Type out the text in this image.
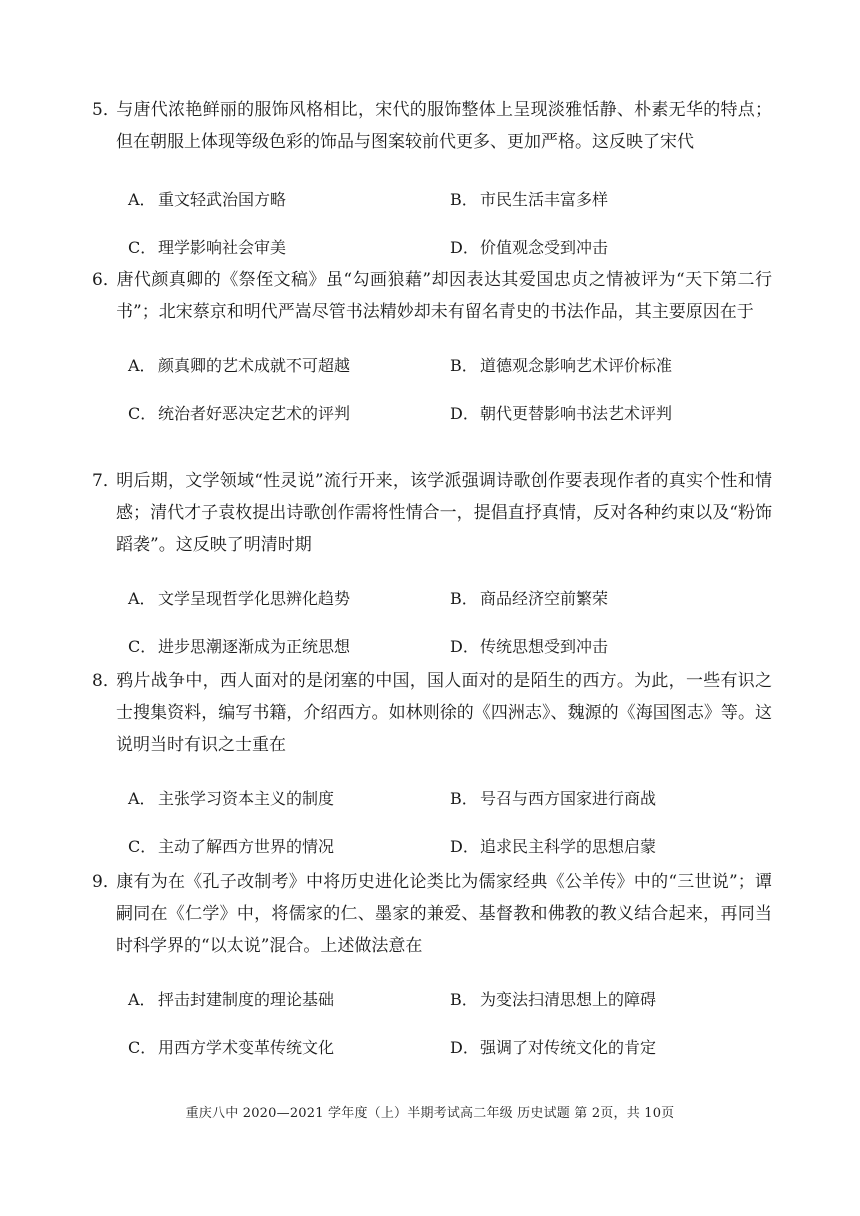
5．与唐代浓艳鲜丽的服饰风格相比，宋代的服饰整体上呈现淡雅恬静、朴素无华的特点；但在朝服上体现等级色彩的饰品与图案较前代更多、更加严格。这反映了宋代

A． 重文轻武治国方略	B． 市民生活丰富多样
C． 理学影响社会审美	D．价值观念受到冲击

6．唐代颜真卿的《祭侄文稿》虽“勾画狼藉”却因表达其爱国忠贞之情被评为“天下第二行书”；北宋蔡京和明代严嵩尽管书法精妙却未有留名青史的书法作品，其主要原因在于

A． 颜真卿的艺术成就不可超越	B． 道德观念影响艺术评价标准
C． 统治者好恶决定艺术的评判	D．朝代更替影响书法艺术评判

7．明后期，文学领域“性灵说”流行开来，该学派强调诗歌创作要表现作者的真实个性和情感；清代才子袁枚提出诗歌创作需将性情合一，提倡直抒真情，反对各种约束以及“粉饰蹈袭”。这反映了明清时期

A． 文学呈现哲学化思辨化趋势	B． 商品经济空前繁荣
C． 进步思潮逐渐成为正统思想	D．传统思想受到冲击

8．鸦片战争中，西人面对的是闭塞的中国，国人面对的是陌生的西方。为此，一些有识之士搜集资料，编写书籍，介绍西方。如林则徐的《四洲志》、魏源的《海国图志》等。这说明当时有识之士重在

A． 主张学习资本主义的制度	B． 号召与西方国家进行商战
C． 主动了解西方世界的情况	D．追求民主科学的思想启蒙

9．康有为在《孔子改制考》中将历史进化论类比为儒家经典《公羊传》中的“三世说”；谭嗣同在《仁学》中，将儒家的仁、墨家的兼爱、基督教和佛教的教义结合起来，再同当时科学界的“以太说”混合。上述做法意在

A． 抨击封建制度的理论基础	B． 为变法扫清思想上的障碍
C． 用西方学术变革传统文化	D．强调了对传统文化的肯定
重庆八中 2020—2021 学年度（上）半期考试高二年级 历史试题 第 2页，共 10页
